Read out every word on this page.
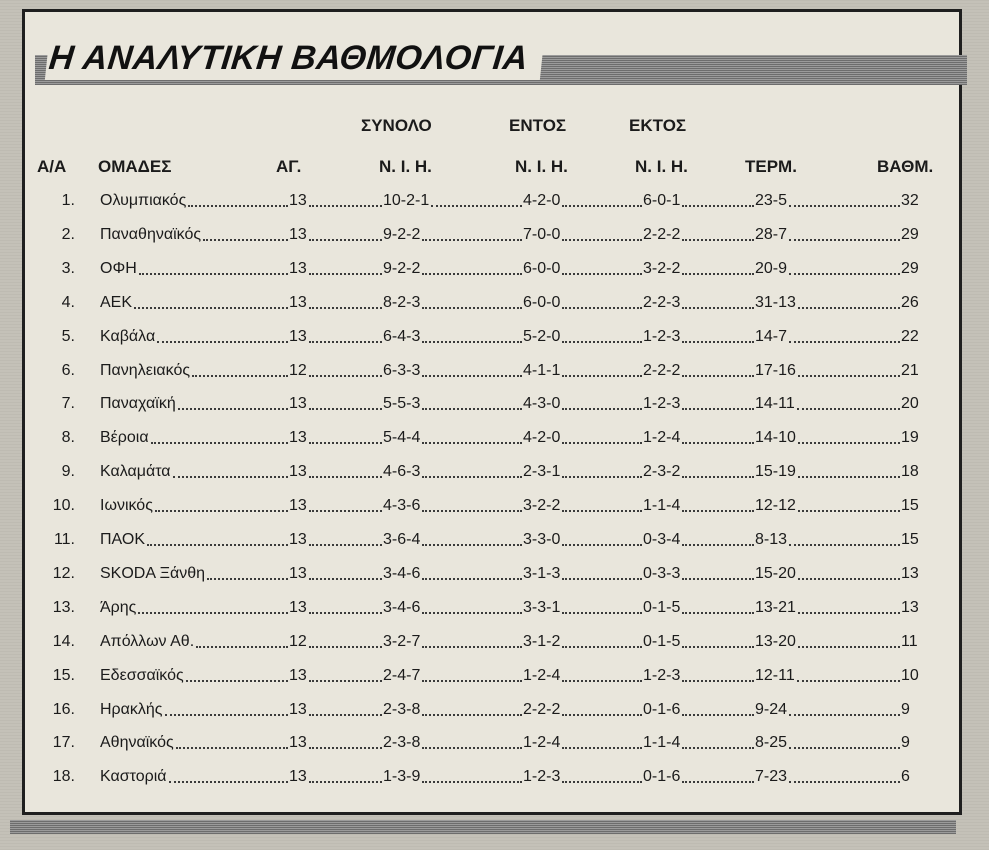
Η ΑΝΑΛΥΤΙΚΗ ΒΑΘΜΟΛΟΓΙΑ
ΣΥΝΟΛΟ	ΕΝΤΟΣ	ΕΚΤΟΣ
Α/Α ΟΜΑΔΕΣ	ΑΓ.	Ν. Ι. Η.	Ν. Ι. Η.	Ν. Ι. Η.	ΤΕΡΜ.	ΒΑΘΜ.
1. Ολυμπιακός	13	10-2-1	4-2-0	6-0-1	23-5	32
2. Παναθηναϊκός	13	9-2-2	7-0-0	2-2-2	28-7	29
3. ΟΦΗ	13	9-2-2	6-0-0	3-2-2	20-9	29
4. ΑΕΚ	13	8-2-3	6-0-0	2-2-3	31-13	26
5. Καβάλα	13	6-4-3	5-2-0	1-2-3	14-7	22
6. Πανηλειακός	12	6-3-3	4-1-1	2-2-2	17-16	21
7. Παναχαϊκή	13	5-5-3	4-3-0	1-2-3	14-11	20
8. Βέροια	13	5-4-4	4-2-0	1-2-4	14-10	19
9. Καλαμάτα	13	4-6-3	2-3-1	2-3-2	15-19	18
10. Ιωνικός	13	4-3-6	3-2-2	1-1-4	12-12	15
11. ΠΑΟΚ	13	3-6-4	3-3-0	0-3-4	8-13	15
12. SKODA Ξάνθη	13	3-4-6	3-1-3	0-3-3	15-20	13
13. Άρης	13	3-4-6	3-3-1	0-1-5	13-21	13
14. Απόλλων Αθ.	12	3-2-7	3-1-2	0-1-5	13-20	11
15. Εδεσσαϊκός	13	2-4-7	1-2-4	1-2-3	12-11	10
16. Ηρακλής	13	2-3-8	2-2-2	0-1-6	9-24	9
17. Αθηναϊκός	13	2-3-8	1-2-4	1-1-4	8-25	9
18. Καστοριά	13	1-3-9	1-2-3	0-1-6	7-23	6
